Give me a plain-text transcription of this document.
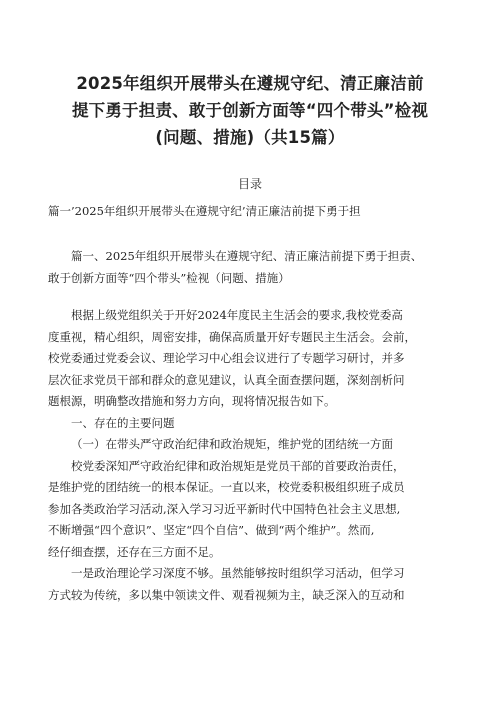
2025年组织开展带头在遵规守纪、清正廉洁前
提下勇于担责、敢于创新方面等“四个带头”检视
(问题、措施)（共15篇）
目录
篇一’2025年组织开展带头在遵规守纪’清正廉洁前提下勇于担

篇一、2025年组织开展带头在遵规守纪、清正廉洁前提下勇于担责、
敢于创新方面等“四个带头”检视（问题、措施）

根据上级党组织关于开好2024年度民主生活会的要求,我校党委高
度重视，精心组织，周密安排，确保高质量开好专题民主生活会。会前，
校党委通过党委会议、理论学习中心组会议进行了专题学习研讨，并多
层次征求党员干部和群众的意见建议，认真全面查摆问题，深刻剖析问
题根源，明确整改措施和努力方向，现将情况报告如下。

一、存在的主要问题

（一）在带头严守政治纪律和政治规矩，维护党的团结统一方面

校党委深知严守政治纪律和政治规矩是党员干部的首要政治责任，
是维护党的团结统一的根本保证。一直以来，校党委积极组织班子成员
参加各类政治学习活动,深入学习习近平新时代中国特色社会主义思想,
不断增强“四个意识”、坚定“四个自信”、做到“两个维护”。然而,
经仔细查摆，还存在三方面不足。

一是政治理论学习深度不够。虽然能够按时组织学习活动，但学习
方式较为传统，多以集中领读文件、观看视频为主，缺乏深入的互动和
